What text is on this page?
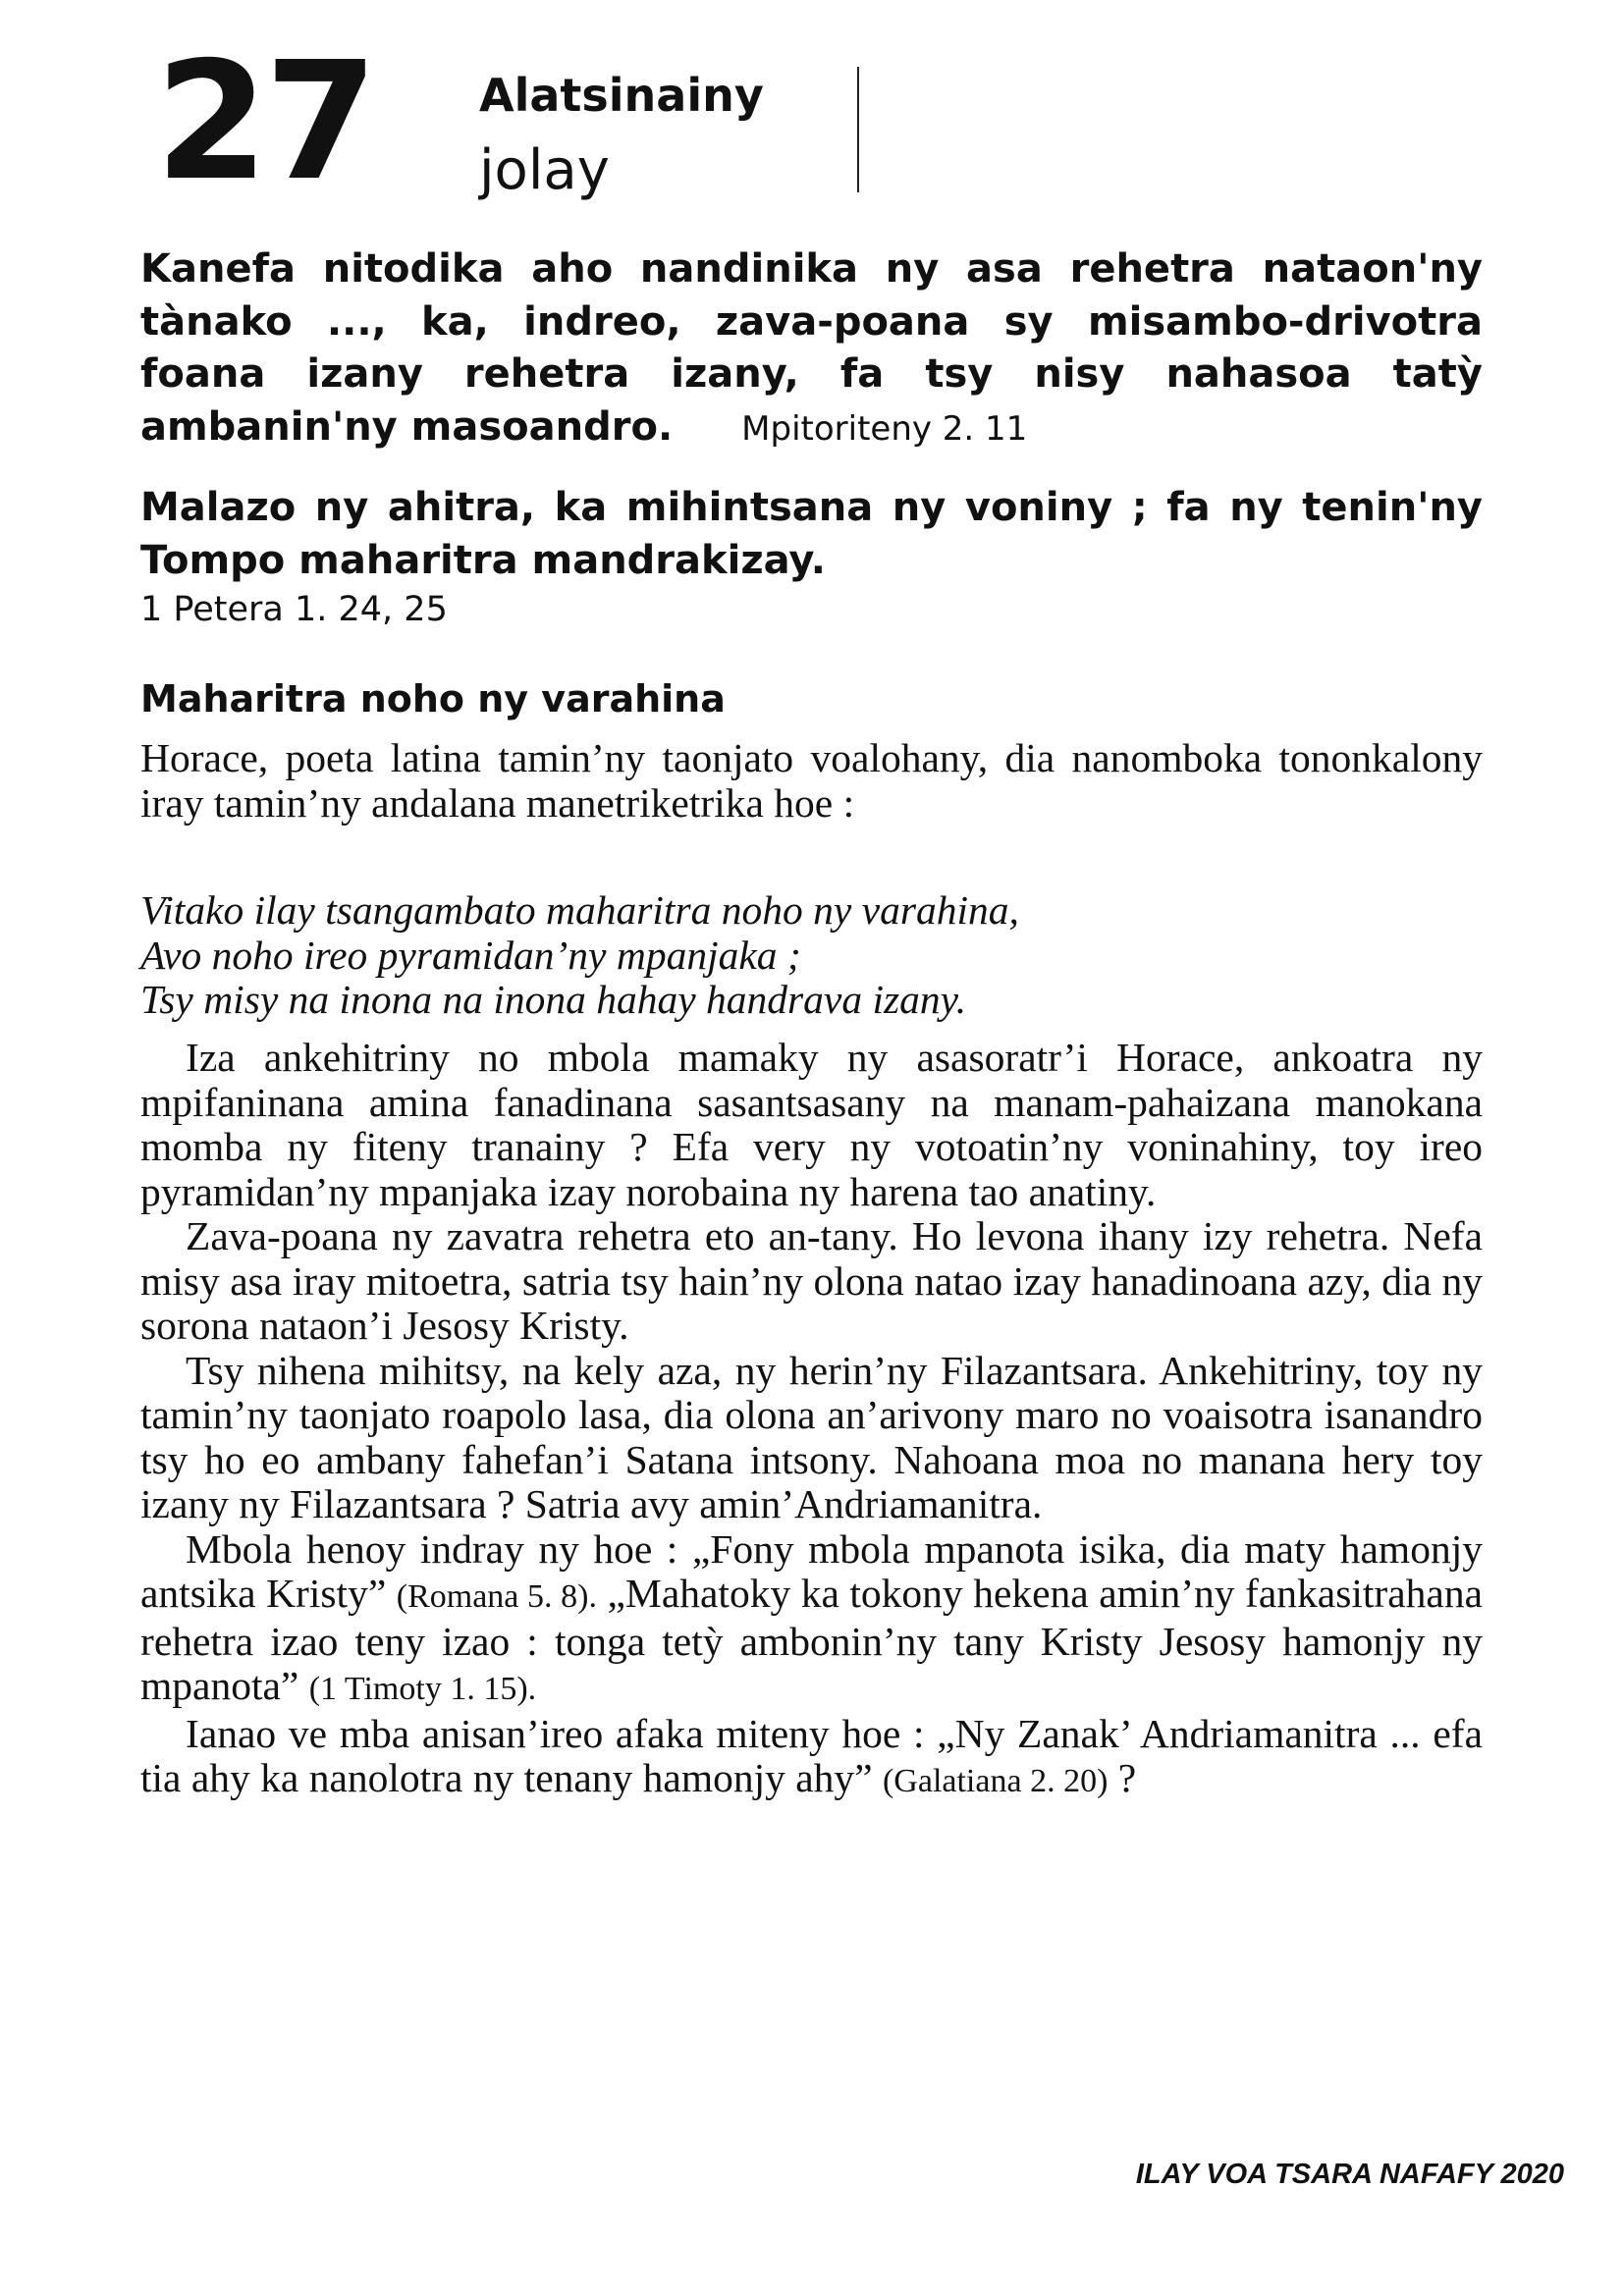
27 Alatsinainy
jolay
Kanefa nitodika aho nandinika ny asa rehetra nataon'ny tànako ..., ka, indreo, zava-poana sy misambo-drivotra foana izany rehetra izany, fa tsy nisy nahasoa tatỳ ambanin'ny masoandro. Mpitoriteny 2. 11
Malazo ny ahitra, ka mihintsana ny voniny ; fa ny tenin'ny Tompo maharitra mandrakizay.
1 Petera 1. 24, 25
Maharitra noho ny varahina
Horace, poeta latina tamin’ny taonjato voalohany, dia nanomboka tononkalony iray tamin’ny andalana manetriketrika hoe :
Vitako ilay tsangambato maharitra noho ny varahina,
Avo noho ireo pyramidan’ny mpanjaka ;
Tsy misy na inona na inona hahay handrava izany.

Iza ankehitriny no mbola mamaky ny asasoratr’i Horace, ankoatra ny mpifaninana amina fanadinana sasantsasany na manam-pahaizana manokana momba ny fiteny tranainy ? Efa very ny votoatin’ny voninahiny, toy ireo pyramidan’ny mpanjaka izay norobaina ny harena tao anatiny.

Zava-poana ny zavatra rehetra eto an-tany. Ho levona ihany izy rehetra. Nefa misy asa iray mitoetra, satria tsy hain’ny olona natao izay hanadinoana azy, dia ny sorona nataon’i Jesosy Kristy.

Tsy nihena mihitsy, na kely aza, ny herin’ny Filazantsara. Ankehitriny, toy ny tamin’ny taonjato roapolo lasa, dia olona an’arivony maro no voaisotra isanandro tsy ho eo ambany fahefan’i Satana intsony. Nahoana moa no manana hery toy izany ny Filazantsara ? Satria avy amin’Andriamanitra.

Mbola henoy indray ny hoe : „Fony mbola mpanota isika, dia maty hamonjy antsika Kristy” (Romana 5. 8). „Mahatoky ka tokony hekena amin’ny fankasitrahana rehetra izao teny izao : tonga tetỳ ambonin’ny tany Kristy Jesosy hamonjy ny mpanota” (1 Timoty 1. 15).

Ianao ve mba anisan’ireo afaka miteny hoe : „Ny Zanak’ Andriamanitra ... efa tia ahy ka nanolotra ny tenany hamonjy ahy” (Galatiana 2. 20) ?

ILAY VOA TSARA NAFAFY 2020
